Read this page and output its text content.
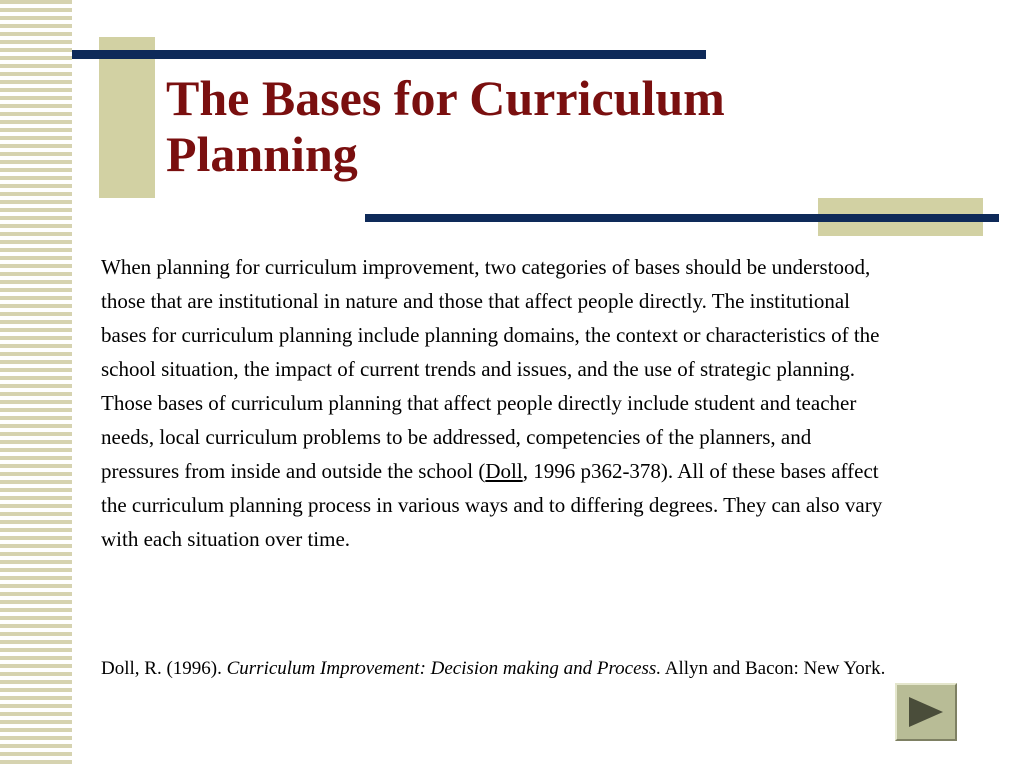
The Bases for Curriculum
Planning

When planning for curriculum improvement, two categories of bases should be understood, those that are institutional in nature and those that affect people directly. The institutional bases for curriculum planning include planning domains, the context or characteristics of the school situation, the impact of current trends and issues, and the use of strategic planning. Those bases of curriculum planning that affect people directly include student and teacher needs, local curriculum problems to be addressed, competencies of the planners, and pressures from inside and outside the school (Doll, 1996 p362-378). All of these bases affect the curriculum planning process in various ways and to differing degrees. They can also vary with each situation over time.

Doll, R. (1996). Curriculum Improvement: Decision making and Process. Allyn and Bacon: New York.
